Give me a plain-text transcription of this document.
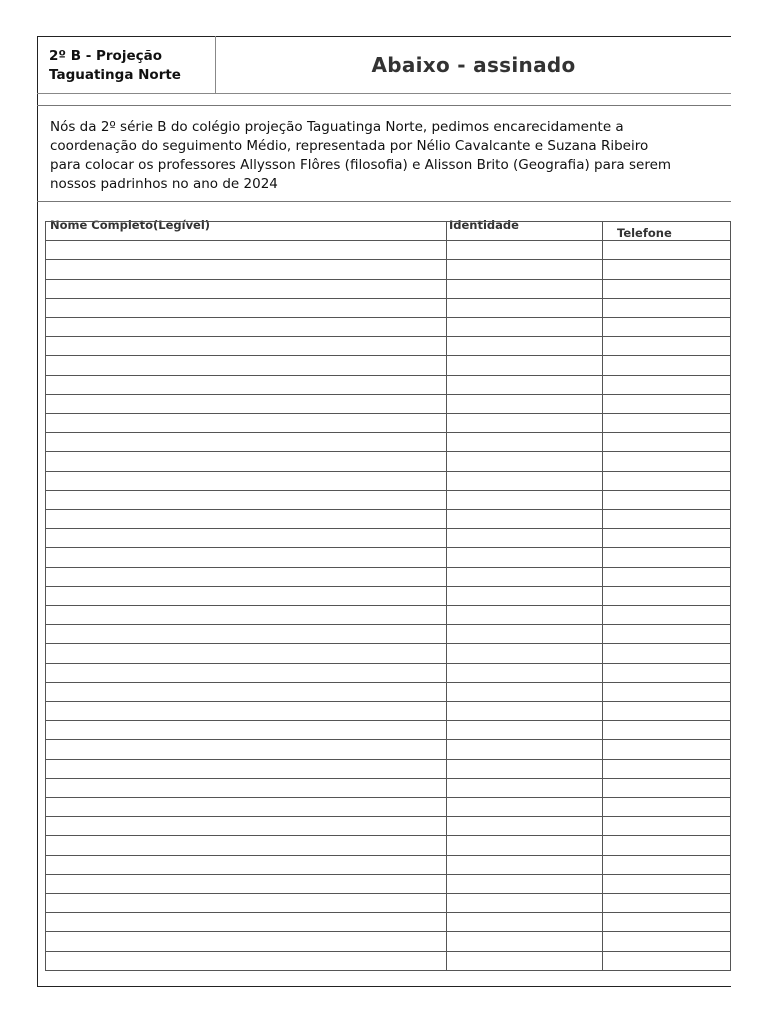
2º B - Projeção
Taguatinga Norte	Abaixo - assinado
Nós da 2º série B do colégio projeção Taguatinga Norte, pedimos encarecidamente a
coordenação do seguimento Médio, representada por Nélio Cavalcante e Suzana Ribeiro
para colocar os professores Allysson Flôres (filosofia) e Alisson Brito (Geografia) para serem
nossos padrinhos no ano de 2024
Nome Completo(Legível)	Identidade
Telefone
